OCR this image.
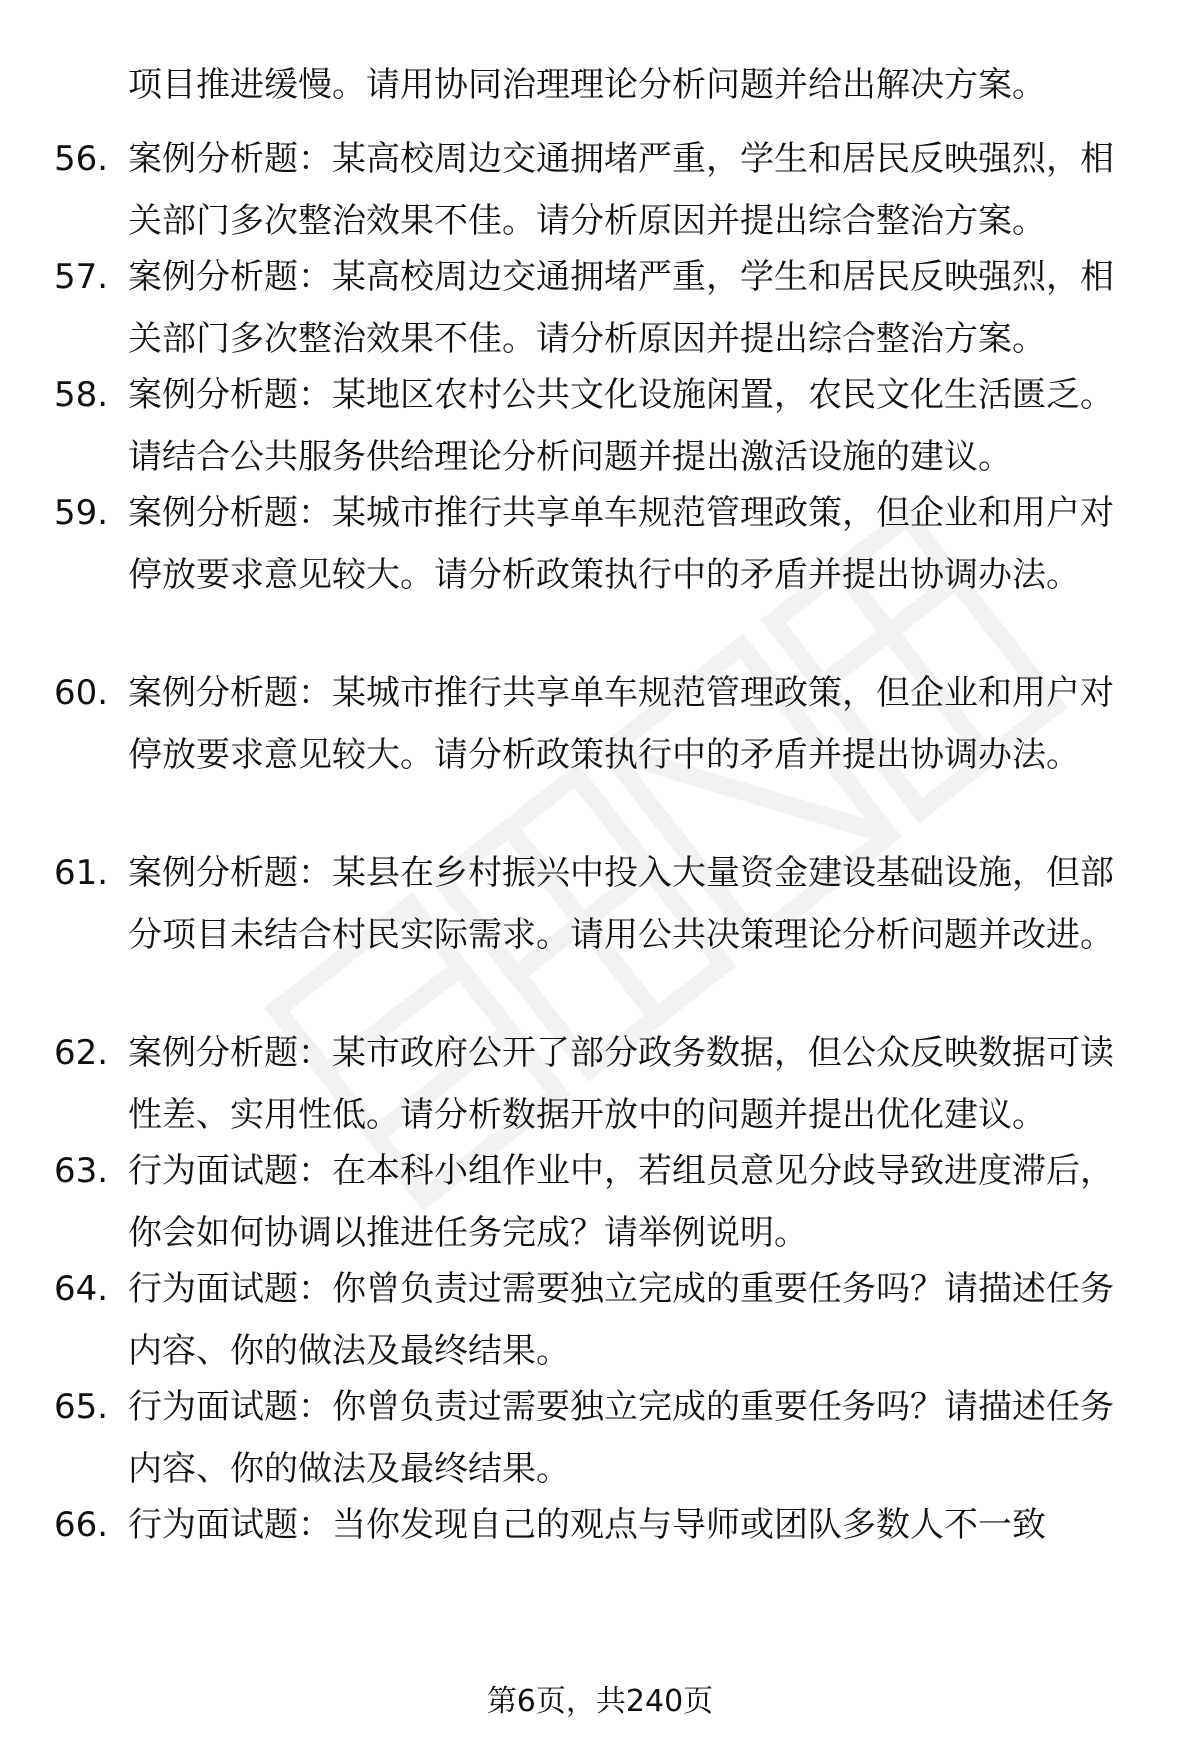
项目推进缓慢。请用协同治理理论分析问题并给出解决方案。
56. 案例分析题：某高校周边交通拥堵严重，学生和居民反映强烈，相关部门多次整治效果不佳。请分析原因并提出综合整治方案。

57. 案例分析题：某高校周边交通拥堵严重，学生和居民反映强烈，相关部门多次整治效果不佳。请分析原因并提出综合整治方案。

58. 案例分析题：某地区农村公共文化设施闲置，农民文化生活匮乏。请结合公共服务供给理论分析问题并提出激活设施的建议。

59. 案例分析题：某城市推行共享单车规范管理政策，但企业和用户对停放要求意见较大。请分析政策执行中的矛盾并提出协调办法。

60. 案例分析题：某城市推行共享单车规范管理政策，但企业和用户对停放要求意见较大。请分析政策执行中的矛盾并提出协调办法。

61. 案例分析题：某县在乡村振兴中投入大量资金建设基础设施，但部分项目未结合村民实际需求。请用公共决策理论分析问题并改进。

62. 案例分析题：某市政府公开了部分政务数据，但公众反映数据可读性差、实用性低。请分析数据开放中的问题并提出优化建议。

63. 行为面试题：在本科小组作业中，若组员意见分歧导致进度滞后，你会如何协调以推进任务完成？请举例说明。

64. 行为面试题：你曾负责过需要独立完成的重要任务吗？请描述任务内容、你的做法及最终结果。

65. 行为面试题：你曾负责过需要独立完成的重要任务吗？请描述任务内容、你的做法及最终结果。

66. 行为面试题：当你发现自己的观点与导师或团队多数人不一致

第6页，共240页
